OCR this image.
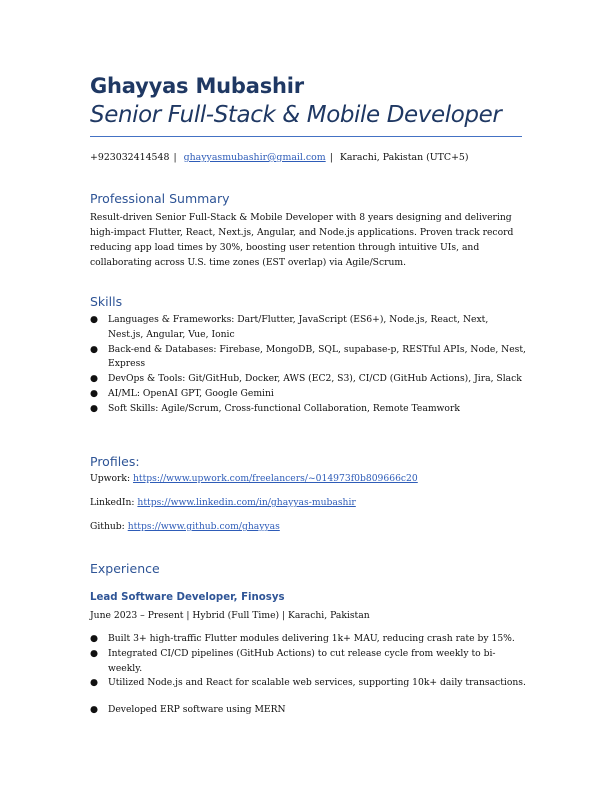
Ghayyas Mubashir
Senior Full-Stack & Mobile Developer
+923032414548 | ghayyasmubashir@gmail.com | Karachi, Pakistan (UTC+5)
Professional Summary
Result-driven Senior Full-Stack & Mobile Developer with 8 years designing and delivering high-impact Flutter, React, Next.js, Angular, and Node.js applications. Proven track record reducing app load times by 30%, boosting user retention through intuitive UIs, and collaborating across U.S. time zones (EST overlap) via Agile/Scrum.
Skills
● Languages & Frameworks: Dart/Flutter, JavaScript (ES6+), Node.js, React, Next, Nest.js, Angular, Vue, Ionic
● Back-end & Databases: Firebase, MongoDB, SQL, supabase-p, RESTful APIs, Node, Nest, Express
● DevOps & Tools: Git/GitHub, Docker, AWS (EC2, S3), CI/CD (GitHub Actions), Jira, Slack
● AI/ML: OpenAI GPT, Google Gemini
● Soft Skills: Agile/Scrum, Cross-functional Collaboration, Remote Teamwork
Profiles:
Upwork: https://www.upwork.com/freelancers/~014973f0b809666c20
LinkedIn: https://www.linkedin.com/in/ghayyas-mubashir
Github: https://www.github.com/ghayyas
Experience
Lead Software Developer, Finosys
June 2023 – Present | Hybrid (Full Time) | Karachi, Pakistan
● Built 3+ high-traffic Flutter modules delivering 1k+ MAU, reducing crash rate by 15%.
● Integrated CI/CD pipelines (GitHub Actions) to cut release cycle from weekly to bi-weekly.
● Utilized Node.js and React for scalable web services, supporting 10k+ daily transactions.
● Developed ERP software using MERN
